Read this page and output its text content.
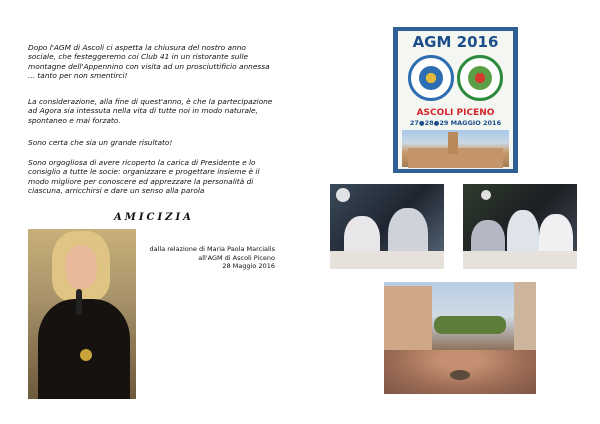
Dopo l'AGM di Ascoli ci aspetta la chiusura del nostro anno sociale, che festeggeremo coi Club 41 in un ristorante sulle montagne dell'Appennino con visita ad un prosciuttificio annessa ... tanto per non smentirci!

La considerazione, alla fine di quest'anno, è che la partecipazione ad Agora sia intessuta nella vita di tutte noi in modo naturale, spontaneo e mai forzato.

Sono certa che sia un grande risultato!

Sono orgogliosa di avere ricoperto la carica di Presidente e lo consiglio a tutte le socie: organizzare e progettare insieme è il modo migliore per conoscere ed apprezzare la personalità di ciascuna, arricchirsi e dare un senso alla parola

AMICIZIA
dalla relazione di Maria Paola Marcialis
all'AGM di Ascoli Piceno
28 Maggio 2016
AGM 2016
ASCOLI PICENO
27●28●29 MAGGIO 2016
